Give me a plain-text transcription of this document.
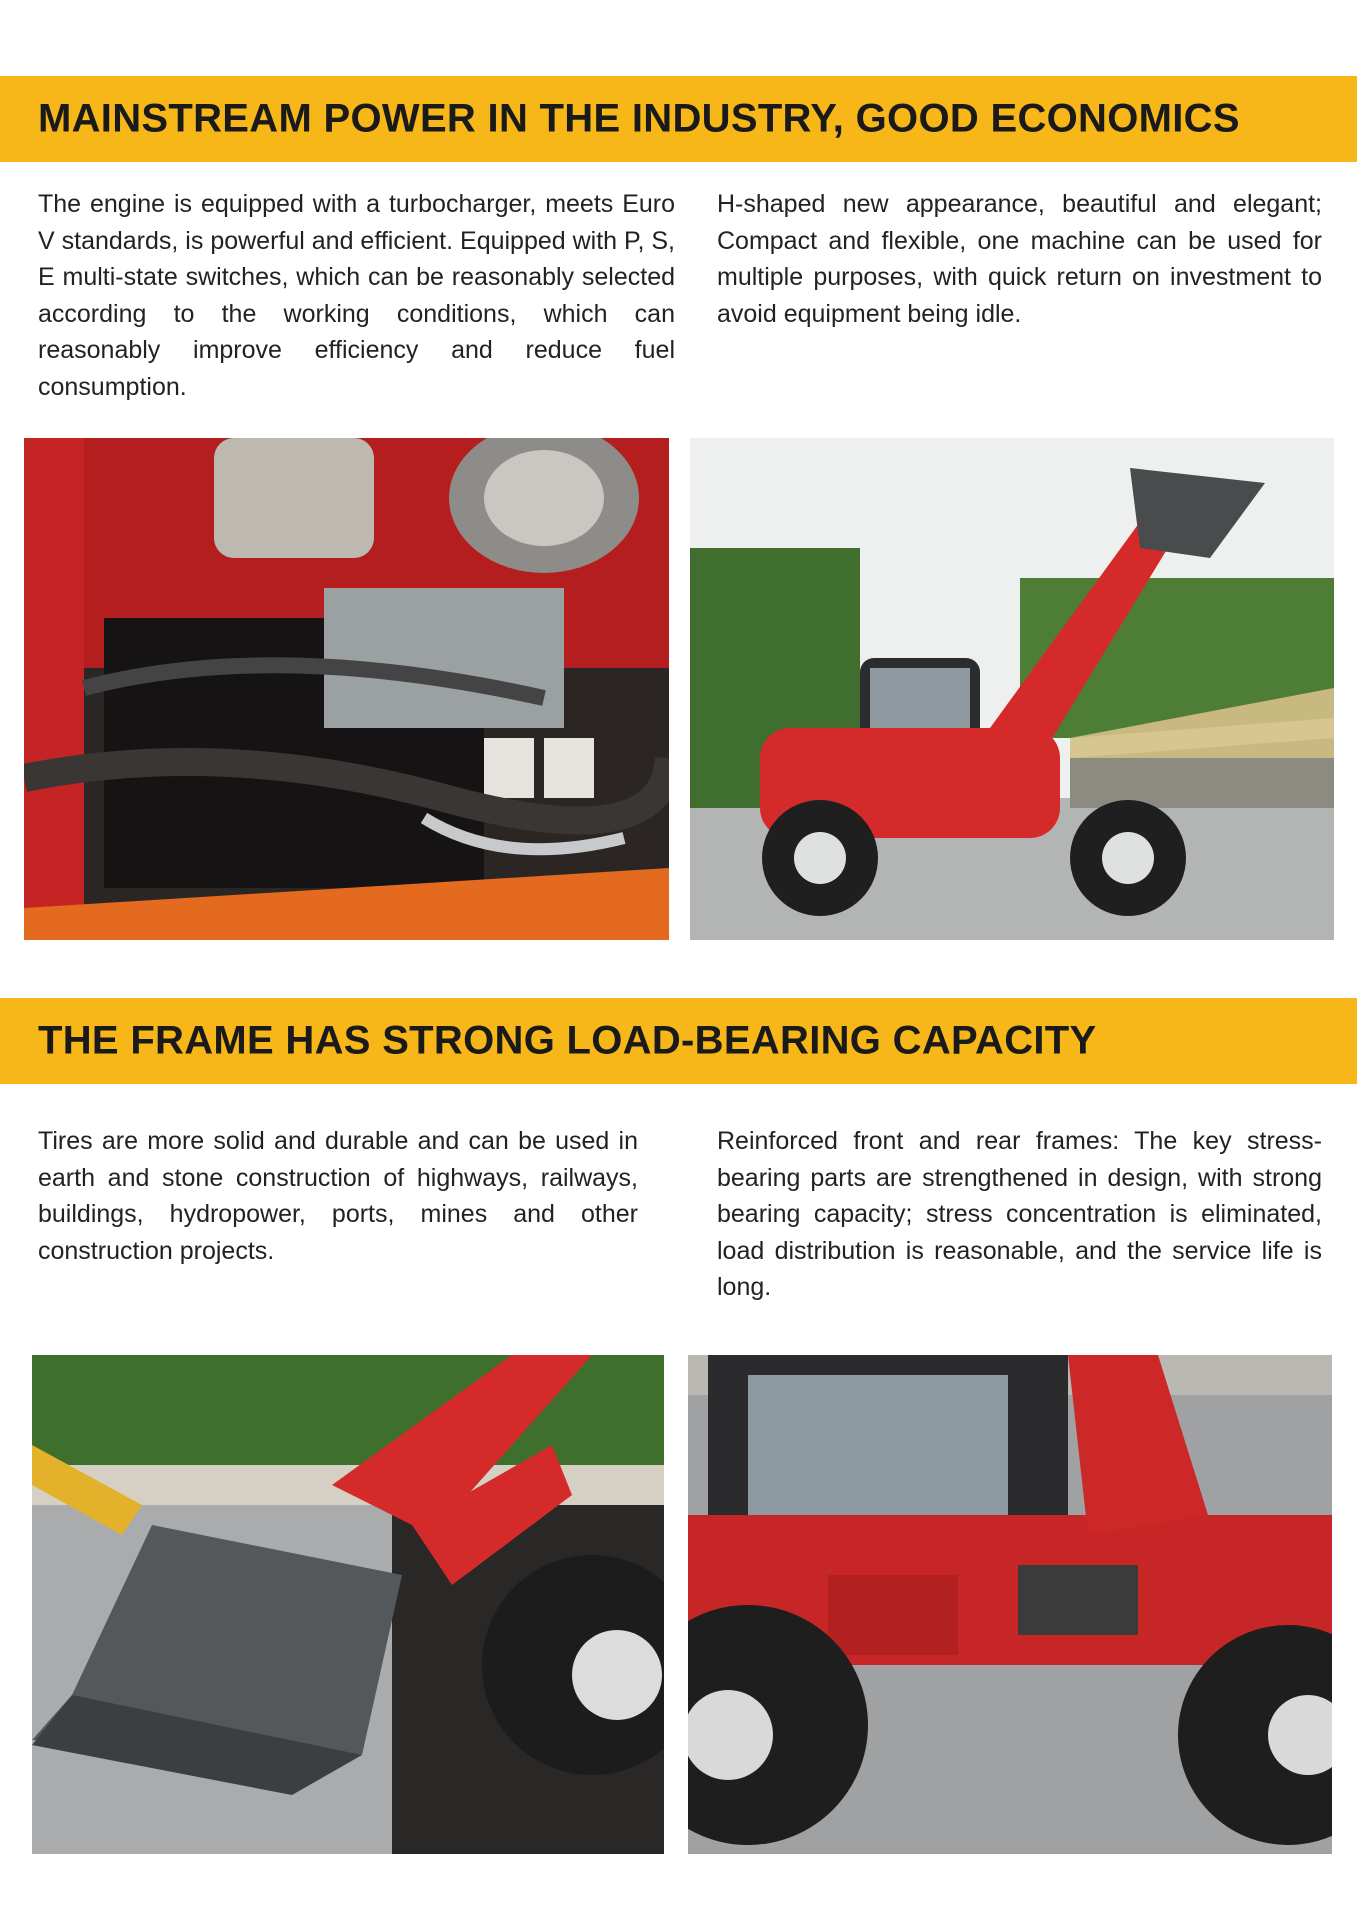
MAINSTREAM POWER IN THE INDUSTRY, GOOD ECONOMICS

The engine is equipped with a turbocharger, meets Euro V standards, is powerful and efficient. Equipped with P, S, E multi-state switches, which can be reasonably selected according to the working conditions, which can reasonably improve efficiency and reduce fuel consumption.

H-shaped new appearance, beautiful and elegant; Compact and flexible, one machine can be used for multiple purposes, with quick return on investment to avoid equipment being idle.

THE FRAME HAS STRONG LOAD-BEARING CAPACITY

Tires are more solid and durable and can be used in earth and stone construction of highways, railways, buildings, hydropower, ports, mines and other construction projects.

Reinforced front and rear frames: The key stress-bearing parts are strengthened in design, with strong bearing capacity; stress concentration is eliminated, load distribution is reasonable, and the service life is long.
